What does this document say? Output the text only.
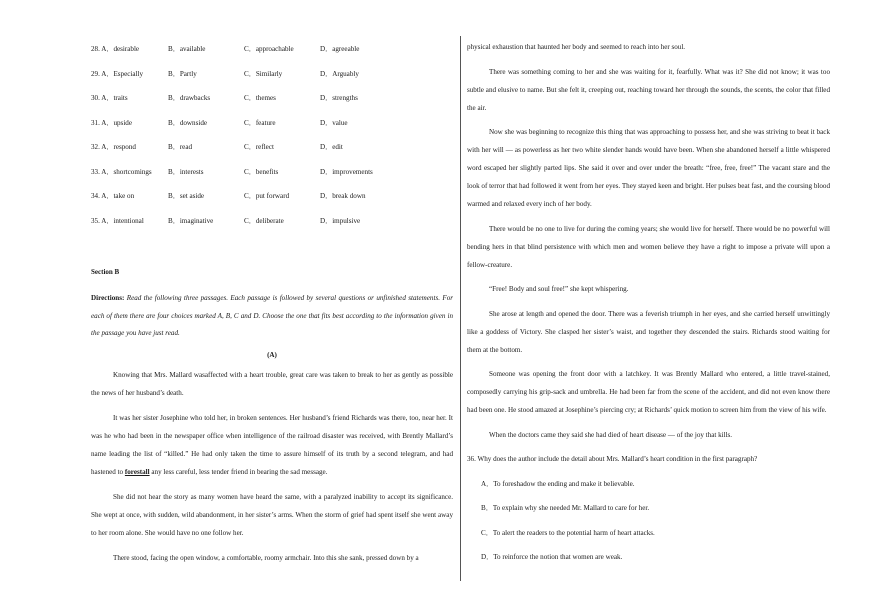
28. A．desirable	B．available	C．approachable	D．agreeable
29. A．Especially	B．Partly	C．Similarly	D．Arguably
30. A．traits	B．drawbacks	C．themes	D．strengths
31. A．upside	B．downside	C．feature	D．value
32. A．respond	B．read	C．reflect	D．edit
33. A．shortcomings B．interests	C．benefits	D．improvements
34. A．take on	B．set aside	C．put forward	D．break down
35. A．intentional	B．imaginative	C．deliberate	D．impulsive
Section B
Directions: Read the following three passages. Each passage is followed by several questions or unfinished statements. For each of them there are four choices marked A, B, C and D. Choose the one that fits best according to the information given in the passage you have just read.
(A)

Knowing that Mrs. Mallard wasaffected with a heart trouble, great care was taken to break to her as gently as possible the news of her husband’s death.

It was her sister Josephine who told her, in broken sentences. Her husband’s friend Richards was there, too, near her. It was he who had been in the newspaper office when intelligence of the railroad disaster was received, with Brently Mallard’s name leading the list of “killed.” He had only taken the time to assure himself of its truth by a second telegram, and had hastened to forestall any less careful, less tender friend in bearing the sad message.

She did not hear the story as many women have heard the same, with a paralyzed inability to accept its significance. She wept at once, with sudden, wild abandonment, in her sister’s arms. When the storm of grief had spent itself she went away to her room alone. She would have no one follow her.

There stood, facing the open window, a comfortable, roomy armchair. Into this she sank, pressed down by a

physical exhaustion that haunted her body and seemed to reach into her soul.

There was something coming to her and she was waiting for it, fearfully. What was it? She did not know; it was too subtle and elusive to name. But she felt it, creeping out, reaching toward her through the sounds, the scents, the color that filled the air.

Now she was beginning to recognize this thing that was approaching to possess her, and she was striving to beat it back with her will — as powerless as her two white slender hands would have been. When she abandoned herself a little whispered word escaped her slightly parted lips. She said it over and over under the breath: “free, free, free!” The vacant stare and the look of terror that had followed it went from her eyes. They stayed keen and bright. Her pulses beat fast, and the coursing blood warmed and relaxed every inch of her body.

There would be no one to live for during the coming years; she would live for herself. There would be no powerful will bending hers in that blind persistence with which men and women believe they have a right to impose a private will upon a fellow-creature.

“Free! Body and soul free!” she kept whispering.

She arose at length and opened the door. There was a feverish triumph in her eyes, and she carried herself unwittingly like a goddess of Victory. She clasped her sister’s waist, and together they descended the stairs. Richards stood waiting for them at the bottom.

Someone was opening the front door with a latchkey. It was Brently Mallard who entered, a little travel-stained, composedly carrying his grip-sack and umbrella. He had been far from the scene of the accident, and did not even know there had been one. He stood amazed at Josephine’s piercing cry; at Richards’ quick motion to screen him from the view of his wife.

When the doctors came they said she had died of heart disease — of the joy that kills.

36. Why does the author include the detail about Mrs. Mallard’s heart condition in the first paragraph?

A．To foreshadow the ending and make it believable.

B．To explain why she needed Mr. Mallard to care for her.

C．To alert the readers to the potential harm of heart attacks.

D．To reinforce the notion that women are weak.
